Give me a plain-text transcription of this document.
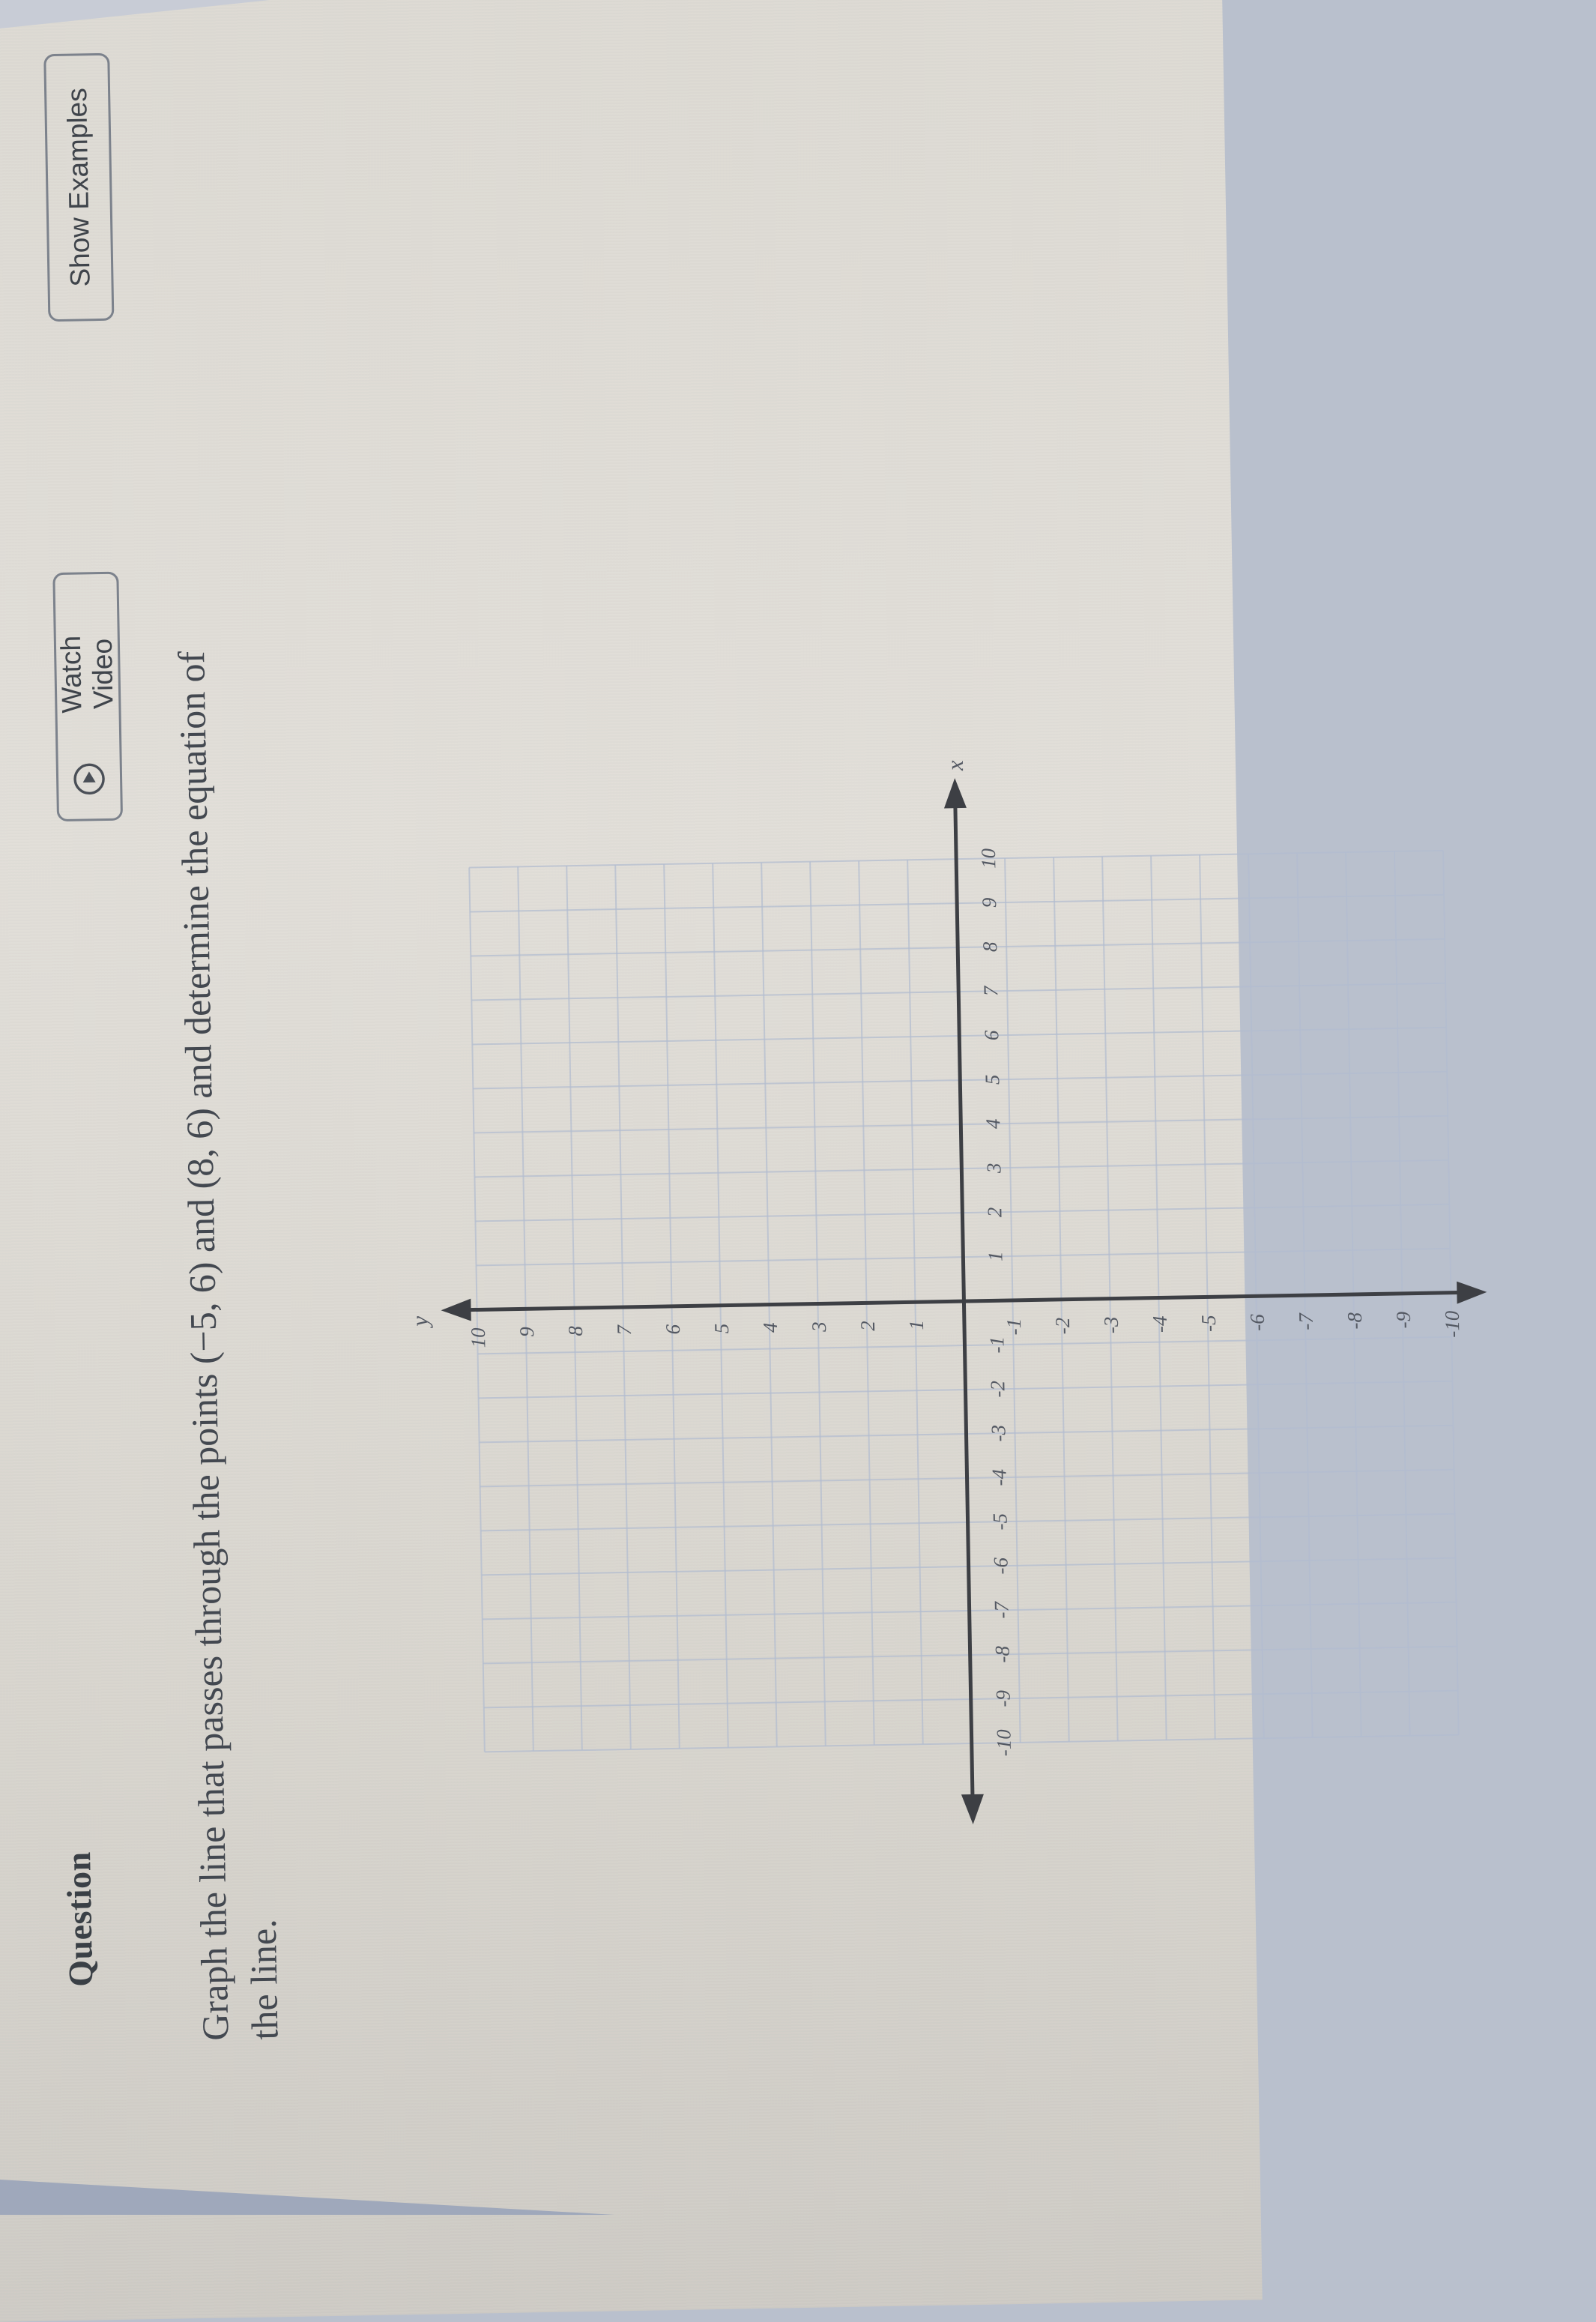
Question
Watch Video
Show Examples
Graph the line that passes through the points (−5, 6) and (8, 6) and determine the equation of the line.
1
2
3
4
5
6
7
8
9
10
-1
-2
-3
-4
-5
-6
-7
-8
-9
-10
1
2
3
4
5
6
7
8
9
10
-1 -2 -3 -4 -5 -6 -7 -8 -9 -10
x
y
